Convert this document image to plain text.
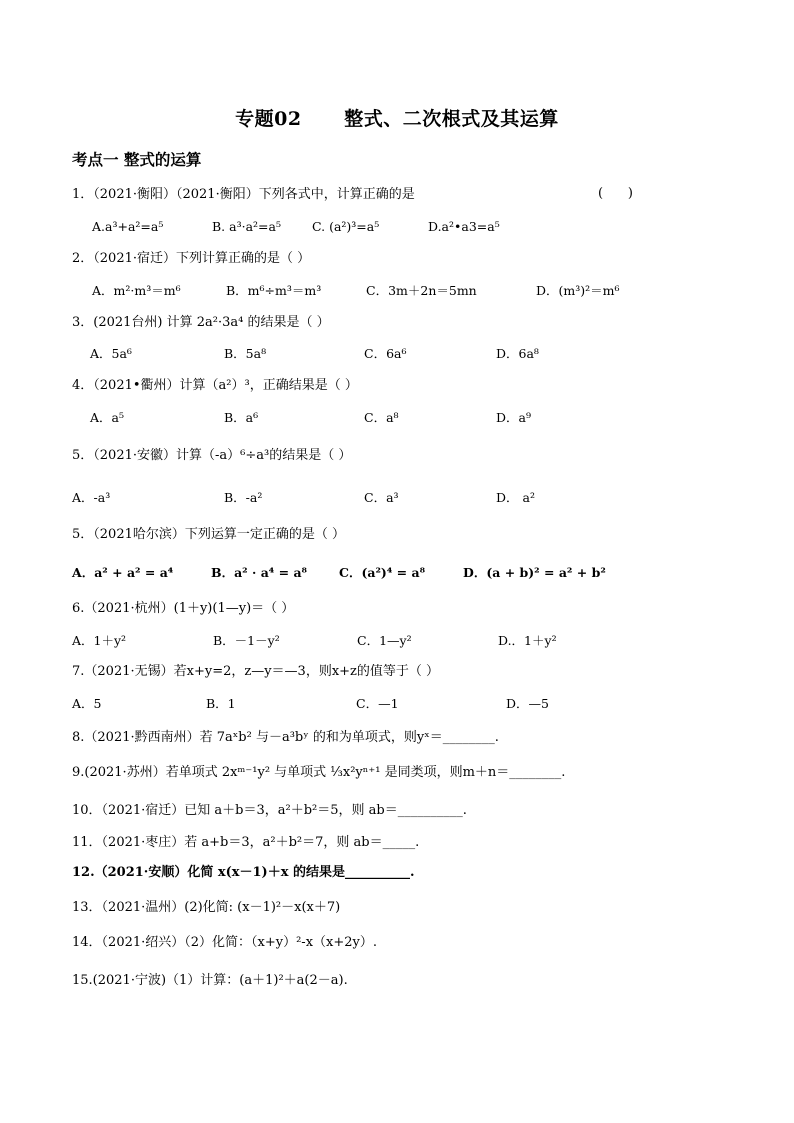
专题02      整式、二次根式及其运算
考点一 整式的运算
1．（2021·衡阳）（2021·衡阳）下列各式中，计算正确的是	(      )
A.a³+a²=a⁵	B. a³·a²=a⁵ C. (a²)³=a⁵	D.a²•a3=a⁵
2．（2021·宿迁）下列计算正确的是（ ）
A．m²·m³＝m⁶	B．m⁶÷m³＝m³	C．3m＋2n＝5mn	D．(m³)²＝m⁶
3．(2021台州) 计算 2a²·3a⁴ 的结果是（ ）
A．5a⁶	B．5a⁸	C．6a⁶	D．6a⁸
4．（2021•衢州）计算（a²）³，正确结果是（ ）
A．a⁵	B．a⁶	C．a⁸	D．a⁹
5．（2021·安徽）计算（-a）⁶÷a³的结果是（ ）
A．-a³	B．-a²	C．a³	D． a²
5．（2021哈尔滨）下列运算一定正确的是（ ）
A．a² + a² = a⁴	B．a² · a⁴ = a⁸	C．(a²)⁴ = a⁸	D．(a + b)² = a² + b²
6.（2021·杭州）(1＋y)(1—y)＝（ ）
A．1＋y²	B．－1－y²	C．1—y²	D.．1＋y²
7.（2021·无锡）若x+y=2，z—y＝—3，则x+z的值等于（ ）
A．5	B．1	C．—1	D．—5
8.（2021·黔西南州）若 7aˣb² 与－a³bʸ 的和为单项式，则yˣ＝________.
9.(2021·苏州）若单项式 2xᵐ⁻¹y² 与单项式 ⅓x²yⁿ⁺¹ 是同类项，则m＋n＝________.
10．（2021·宿迁）已知 a＋b＝3，a²＋b²＝5，则 ab＝__________.
11．（2021·枣庄）若 a+b＝3，a²＋b²＝7，则 ab＝_____.
12.（2021·安顺）化简 x(x－1)＋x 的结果是__________.
13．（2021·温州）(2)化简: (x－1)²－x(x＋7)
14．（2021·绍兴）（2）化简：（x+y）²-x（x+2y）.
15.(2021·宁波)（1）计算：(a＋1)²＋a(2－a).
